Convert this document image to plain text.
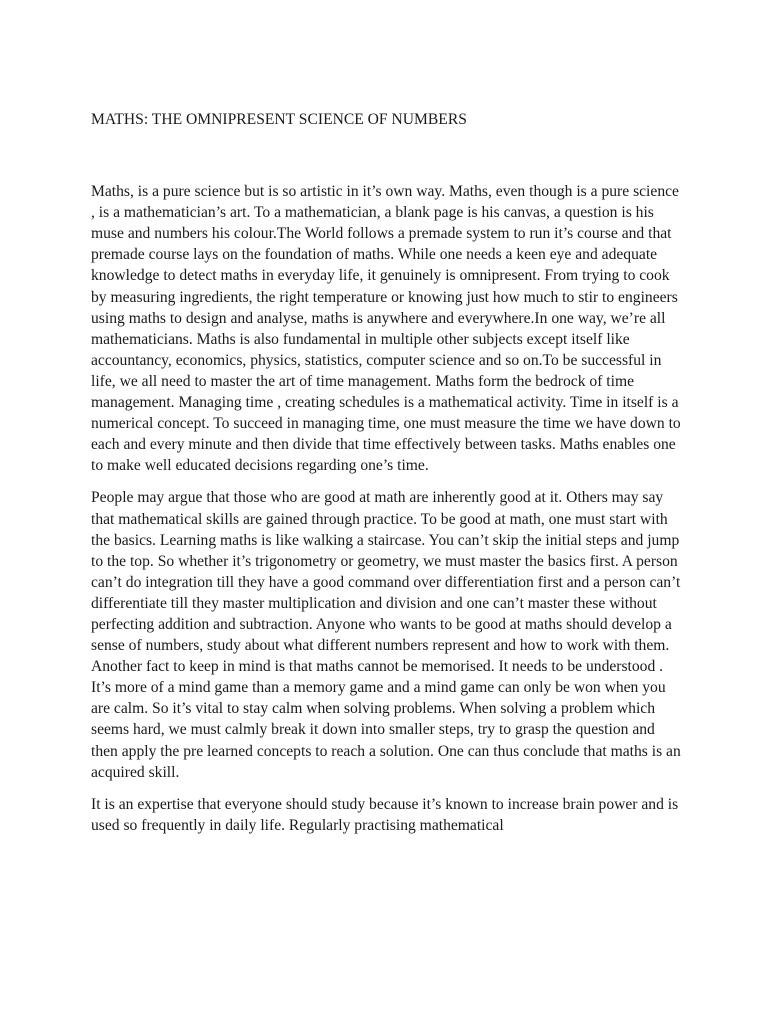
MATHS: THE OMNIPRESENT SCIENCE OF NUMBERS

Maths, is a pure science but is so artistic in it’s own way. Maths, even though is a pure science , is a mathematician’s art. To a mathematician, a blank page is his canvas, a question is his muse and numbers his colour.The World follows a premade system to run it’s course and that premade course lays on the foundation of maths. While one needs a keen eye and adequate knowledge to detect maths in everyday life, it genuinely is omnipresent. From trying to cook by measuring ingredients, the right temperature or knowing just how much to stir to engineers using maths to design and analyse, maths is anywhere and everywhere.In one way, we’re all mathematicians. Maths is also fundamental in multiple other subjects except itself like accountancy, economics, physics, statistics, computer science and so on.To be successful in life, we all need to master the art of time management. Maths form the bedrock of time management. Managing time , creating schedules is a mathematical activity. Time in itself is a numerical concept. To succeed in managing time, one must measure the time we have down to each and every minute and then divide that time effectively between tasks. Maths enables one to make well educated decisions regarding one’s time.

People may argue that those who are good at math are inherently good at it. Others may say that mathematical skills are gained through practice. To be good at math, one must start with the basics. Learning maths is like walking a staircase. You can’t skip the initial steps and jump to the top. So whether it’s trigonometry or geometry, we must master the basics first. A person can’t do integration till they have a good command over differentiation first and a person can’t differentiate till they master multiplication and division and one can’t master these without perfecting addition and subtraction. Anyone who wants to be good at maths should develop a sense of numbers, study about what different numbers represent and how to work with them. Another fact to keep in mind is that maths cannot be memorised. It needs to be understood . It’s more of a mind game than a memory game and a mind game can only be won when you are calm. So it’s vital to stay calm when solving problems. When solving a problem which seems hard, we must calmly break it down into smaller steps, try to grasp the question and then apply the pre learned concepts to reach a solution. One can thus conclude that maths is an acquired skill.

It is an expertise that everyone should study because it’s known to increase brain power and is used so frequently in daily life. Regularly practising mathematical
